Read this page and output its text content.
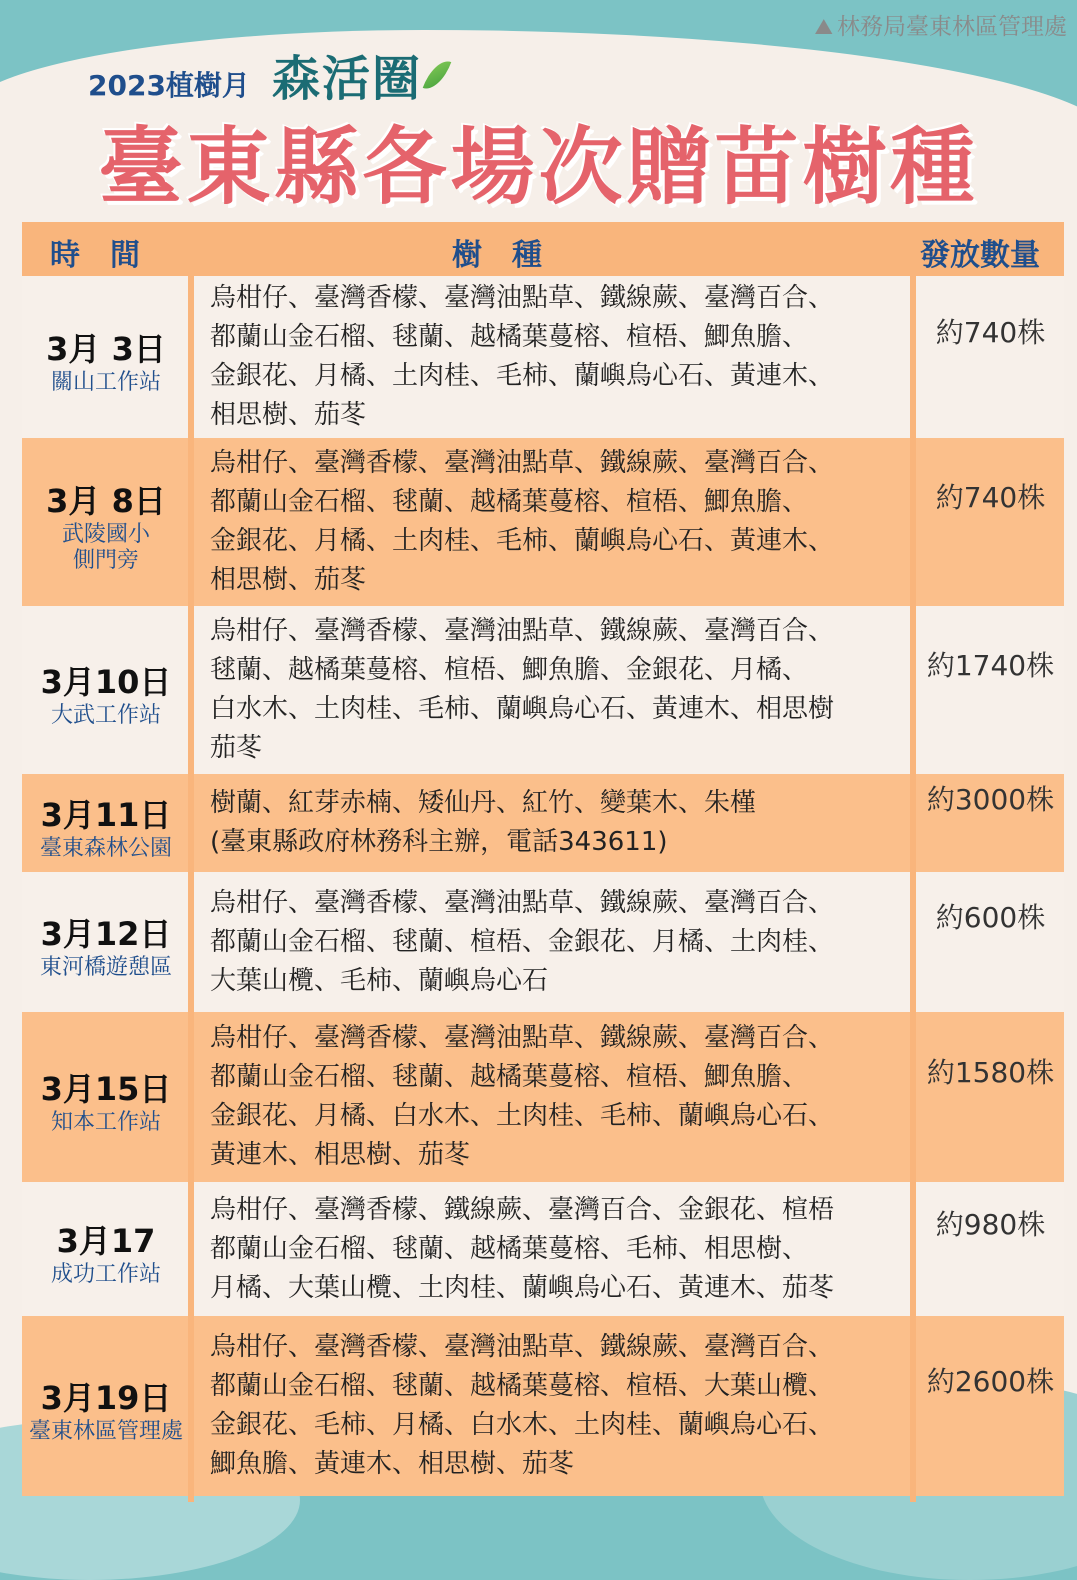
⛰ 林務局臺東林區管理處
2023植樹月 森活圈
臺東縣各場次贈苗樹種
時　間	樹　種	發放數量
3月 3日
關山工作站
烏柑仔、臺灣香檬、臺灣油點草、鐵線蕨、臺灣百合、
都蘭山金石榴、毬蘭、越橘葉蔓榕、楦梧、鯽魚膽、
金銀花、月橘、土肉桂、毛柿、蘭嶼烏心石、黃連木、
相思樹、茄苳
約740株
3月 8日
武陵國小
側門旁
烏柑仔、臺灣香檬、臺灣油點草、鐵線蕨、臺灣百合、
都蘭山金石榴、毬蘭、越橘葉蔓榕、楦梧、鯽魚膽、
金銀花、月橘、土肉桂、毛柿、蘭嶼烏心石、黃連木、
相思樹、茄苳
約740株
3月10日
大武工作站
烏柑仔、臺灣香檬、臺灣油點草、鐵線蕨、臺灣百合、
毬蘭、越橘葉蔓榕、楦梧、鯽魚膽、金銀花、月橘、
白水木、土肉桂、毛柿、蘭嶼烏心石、黃連木、相思樹
茄苳
約1740株
3月11日
臺東森林公園
樹蘭、紅芽赤楠、矮仙丹、紅竹、變葉木、朱槿
(臺東縣政府林務科主辦，電話343611)
約3000株
3月12日
東河橋遊憩區
烏柑仔、臺灣香檬、臺灣油點草、鐵線蕨、臺灣百合、
都蘭山金石榴、毬蘭、楦梧、金銀花、月橘、土肉桂、
大葉山欖、毛柿、蘭嶼烏心石
約600株
3月15日
知本工作站
烏柑仔、臺灣香檬、臺灣油點草、鐵線蕨、臺灣百合、
都蘭山金石榴、毬蘭、越橘葉蔓榕、楦梧、鯽魚膽、
金銀花、月橘、白水木、土肉桂、毛柿、蘭嶼烏心石、
黃連木、相思樹、茄苳
約1580株
3月17
成功工作站
烏柑仔、臺灣香檬、鐵線蕨、臺灣百合、金銀花、楦梧
都蘭山金石榴、毬蘭、越橘葉蔓榕、毛柿、相思樹、
月橘、大葉山欖、土肉桂、蘭嶼烏心石、黃連木、茄苳
約980株
3月19日
臺東林區管理處
烏柑仔、臺灣香檬、臺灣油點草、鐵線蕨、臺灣百合、
都蘭山金石榴、毬蘭、越橘葉蔓榕、楦梧、大葉山欖、
金銀花、毛柿、月橘、白水木、土肉桂、蘭嶼烏心石、
鯽魚膽、黃連木、相思樹、茄苳
約2600株
